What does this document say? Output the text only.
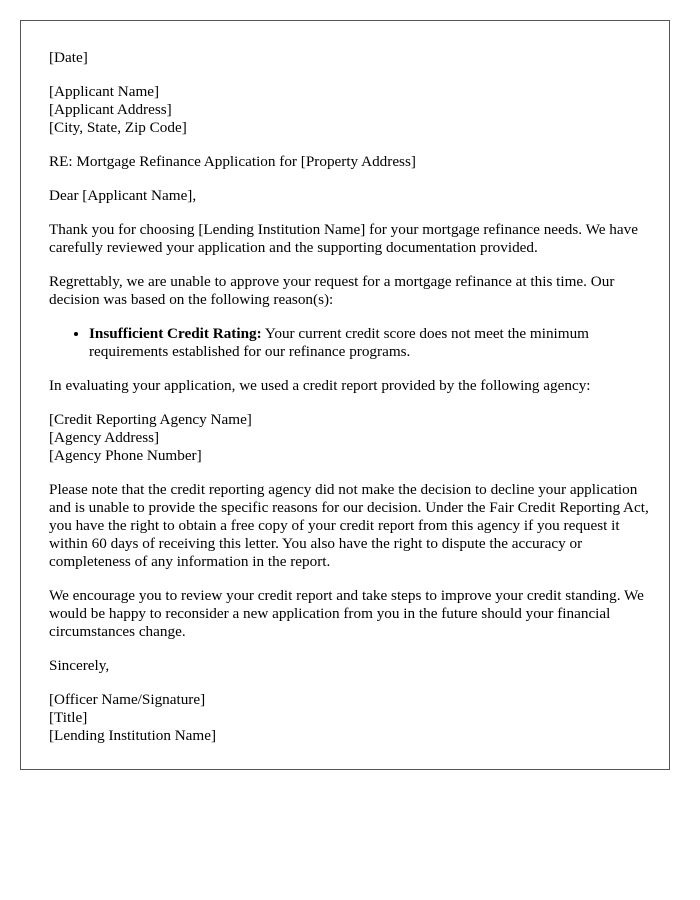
[Date]
[Applicant Name]
[Applicant Address]
[City, State, Zip Code]

RE: Mortgage Refinance Application for [Property Address]

Dear [Applicant Name],

Thank you for choosing [Lending Institution Name] for your mortgage refinance needs. We have carefully reviewed your application and the supporting documentation provided.

Regrettably, we are unable to approve your request for a mortgage refinance at this time. Our decision was based on the following reason(s):

• Insufficient Credit Rating: Your current credit score does not meet the minimum requirements established for our refinance programs.

In evaluating your application, we used a credit report provided by the following agency:

[Credit Reporting Agency Name]
[Agency Address]
[Agency Phone Number]

Please note that the credit reporting agency did not make the decision to decline your application and is unable to provide the specific reasons for our decision. Under the Fair Credit Reporting Act, you have the right to obtain a free copy of your credit report from this agency if you request it within 60 days of receiving this letter. You also have the right to dispute the accuracy or completeness of any information in the report.

We encourage you to review your credit report and take steps to improve your credit standing. We would be happy to reconsider a new application from you in the future should your financial circumstances change.

Sincerely,

[Officer Name/Signature]
[Title]
[Lending Institution Name]
